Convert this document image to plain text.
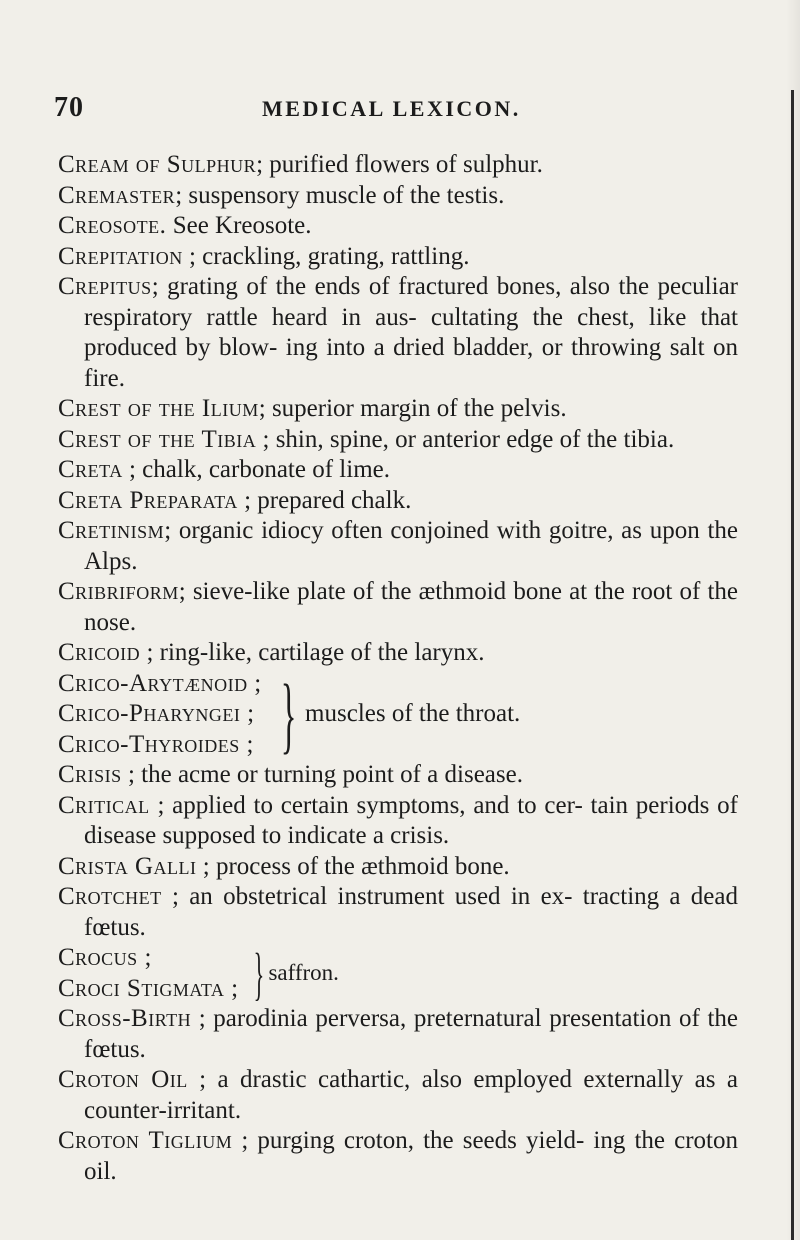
70	MEDICAL LEXICON.
Cream of Sulphur; purified flowers of sulphur.
Cremaster; suspensory muscle of the testis.
Creosote. See Kreosote.
Crepitation ; crackling, grating, rattling.
Crepitus; grating of the ends of fractured bones, also the peculiar respiratory rattle heard in aus- cultating the chest, like that produced by blow- ing into a dried bladder, or throwing salt on fire.
Crest of the Ilium; superior margin of the pelvis.
Crest of the Tibia ; shin, spine, or anterior edge of the tibia.
Creta ; chalk, carbonate of lime.
Creta Preparata ; prepared chalk.
Cretinism; organic idiocy often conjoined with goitre, as upon the Alps.
Cribriform; sieve-like plate of the æthmoid bone at the root of the nose.
Cricoid ; ring-like, cartilage of the larynx.
Crico-Arytænoid ;
Crico-Pharyngei ;
Crico-Thyroides ; } muscles of the throat.
Crisis ; the acme or turning point of a disease.
Critical ; applied to certain symptoms, and to cer- tain periods of disease supposed to indicate a crisis.
Crista Galli ; process of the æthmoid bone.
Crotchet ; an obstetrical instrument used in ex- tracting a dead fœtus.
Crocus ;
Croci Stigmata ; } saffron.
Cross-Birth ; parodinia perversa, preternatural presentation of the fœtus.
Croton Oil ; a drastic cathartic, also employed externally as a counter-irritant.
Croton Tiglium ; purging croton, the seeds yield- ing the croton oil.
